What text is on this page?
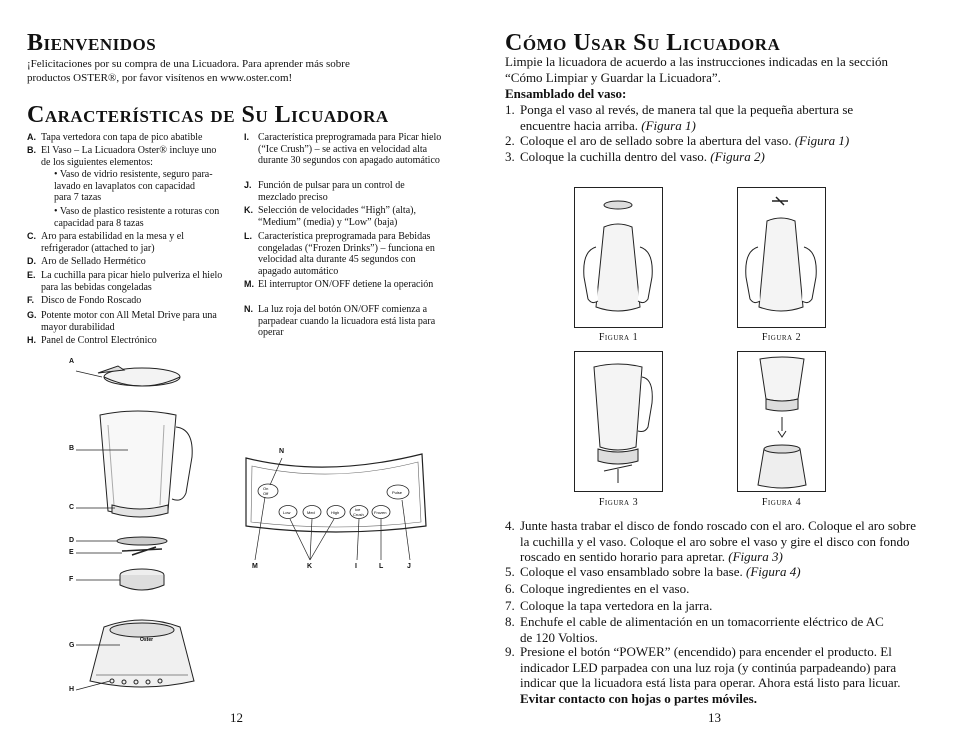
Bienvenidos
¡Felicitaciones por su compra de una Licuadora. Para aprender más sobre
productos OSTER®, por favor visítenos en www.oster.com!
Características de Su Licuadora
A. Tapa vertedora con tapa de pico abatible
B. El Vaso – La Licuadora Oster® incluye uno de los siguientes elementos:
• Vaso de vidrio resistente, seguro para-lavado en lavaplatos con capacidad para 7 tazas
• Vaso de plastico resistente a roturas con capacidad para 8 tazas
C. Aro para estabilidad en la mesa y el refrigerador (attached to jar)
D. Aro de Sellado Hermético
E. La cuchilla para picar hielo pulveriza el hielo para las bebidas congeladas
F. Disco de Fondo Roscado
G. Potente motor con All Metal Drive para una mayor durabilidad
H. Panel de Control Electrónico
I. Característica preprogramada para Picar hielo (“Ice Crush”) – se activa en velocidad alta durante 30 segundos con apagado automático
J. Función de pulsar para un control de mezclado preciso
K. Selección de velocidades “High” (alta), “Medium” (media) y “Low” (baja)
L. Característica preprogramada para Bebidas congeladas (“Frozen Drinks”) – funciona en velocidad alta durante 45 segundos con apagado automático
M. El interruptor ON/OFF detiene la operación
N. La luz roja del botón ON/OFF comienza a parpadear cuando la licuadora está lista para operar
Oster
A
B
C
D
E
F
G
H
On
Off
Low	Med	High
Ice
Crush	Frozen
Pulse
N
M	K	I	L	J
12
Cómo Usar Su Licuadora
Limpie la licuadora de acuerdo a las instrucciones indicadas en la sección
“Cómo Limpiar y Guardar la Licuadora”.
Ensamblado del vaso:
1. Ponga el vaso al revés, de manera tal que la pequeña abertura se encuentre hacia arriba. (Figura 1)
2. Coloque el aro de sellado sobre la abertura del vaso. (Figura 1)
3. Coloque la cuchilla dentro del vaso. (Figura 2)
Figura 1	Figura 2
Figura 3	Figura 4
4. Junte hasta trabar el disco de fondo roscado con el aro. Coloque el aro sobre la cuchilla y el vaso. Coloque el aro sobre el vaso y gire el disco con fondo roscado en sentido horario para apretar. (Figura 3)
5. Coloque el vaso ensamblado sobre la base. (Figura 4)
6. Coloque ingredientes en el vaso.
7. Coloque la tapa vertedora en la jarra.
8. Enchufe el cable de alimentación en un tomacorriente eléctrico de AC de 120 Voltios.
9. Presione el botón “POWER” (encendido) para encender el producto. El indicador LED parpadea con una luz roja (y continúa parpadeando) para indicar que la licuadora está lista para operar. Ahora está listo para licuar. Evitar contacto con hojas o partes móviles.
13
